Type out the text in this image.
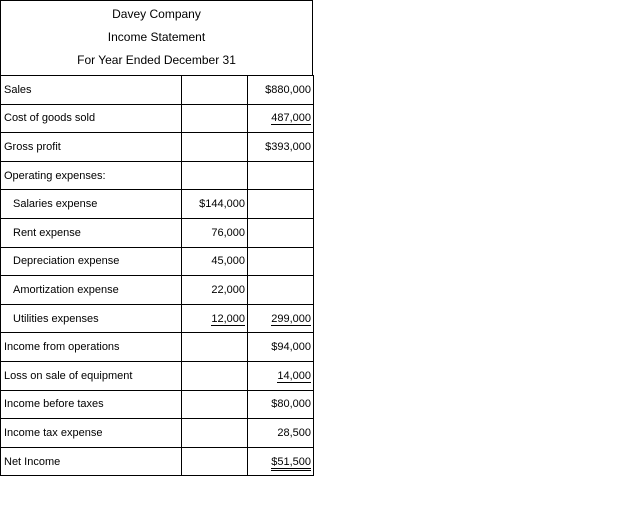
Davey Company
Income Statement
For Year Ended December 31
Sales		$880,000
Cost of goods sold		487,000
Gross profit		$393,000
Operating expenses:		
Salaries expense	$144,000	
Rent expense	76,000	
Depreciation expense	45,000	
Amortization expense	22,000	
Utilities expenses	12,000	299,000
Income from operations		$94,000
Loss on sale of equipment		14,000
Income before taxes		$80,000
Income tax expense		28,500
Net Income		$51,500
